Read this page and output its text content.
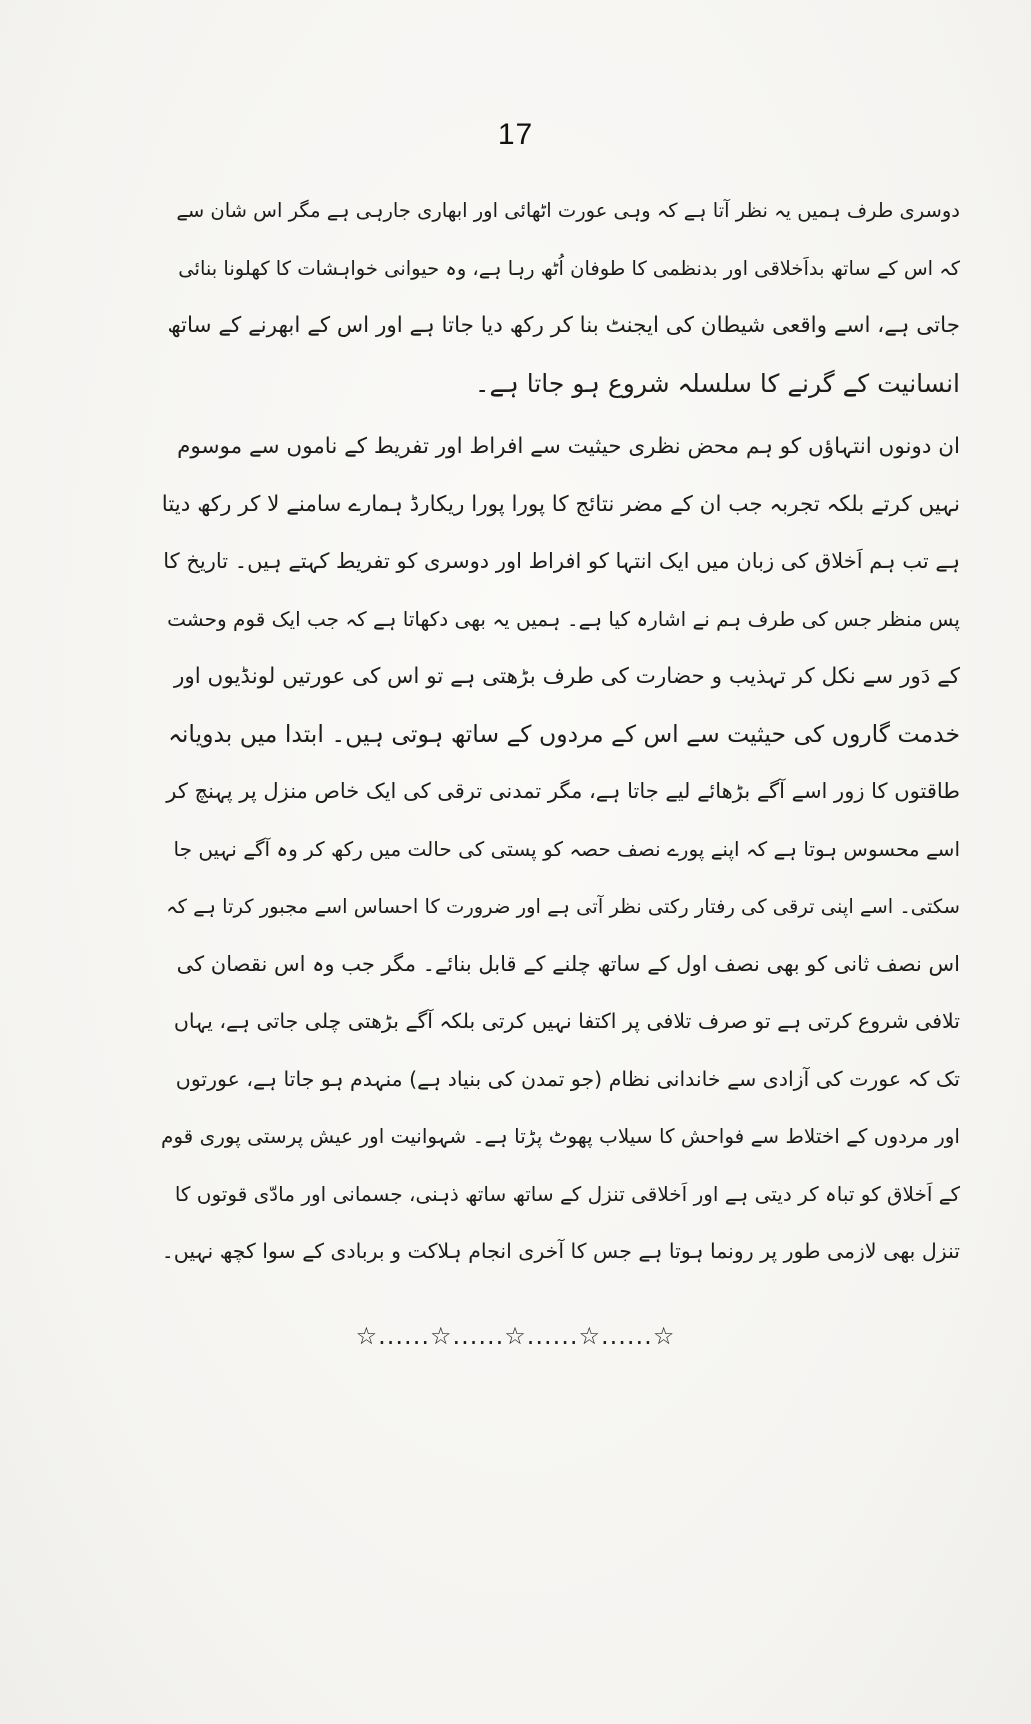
17
دوسری طرف ہمیں یہ نظر آتا ہے کہ وہی عورت اٹھائی اور ابھاری جارہی ہے مگر اس شان سے
کہ اس کے ساتھ بداَخلاقی اور بدنظمی کا طوفان اُٹھ رہا ہے، وہ حیوانی خواہشات کا کھلونا بنائی
جاتی ہے، اسے واقعی شیطان کی ایجنٹ بنا کر رکھ دیا جاتا ہے اور اس کے ابھرنے کے ساتھ
انسانیت کے گرنے کا سلسلہ شروع ہو جاتا ہے۔
ان دونوں انتہاؤں کو ہم محض نظری حیثیت سے افراط اور تفریط کے ناموں سے موسوم
نہیں کرتے بلکہ تجربہ جب ان کے مضر نتائج کا پورا پورا ریکارڈ ہمارے سامنے لا کر رکھ دیتا
ہے تب ہم اَخلاق کی زبان میں ایک انتہا کو افراط اور دوسری کو تفریط کہتے ہیں۔ تاریخ کا
پس منظر جس کی طرف ہم نے اشارہ کیا ہے۔ ہمیں یہ بھی دکھاتا ہے کہ جب ایک قوم وحشت
کے دَور سے نکل کر تہذیب و حضارت کی طرف بڑھتی ہے تو اس کی عورتیں لونڈیوں اور
خدمت گاروں کی حیثیت سے اس کے مردوں کے ساتھ ہوتی ہیں۔ ابتدا میں بدویانہ
طاقتوں کا زور اسے آگے بڑھائے لیے جاتا ہے، مگر تمدنی ترقی کی ایک خاص منزل پر پہنچ کر
اسے محسوس ہوتا ہے کہ اپنے پورے نصف حصہ کو پستی کی حالت میں رکھ کر وہ آگے نہیں جا
سکتی۔ اسے اپنی ترقی کی رفتار رکتی نظر آتی ہے اور ضرورت کا احساس اسے مجبور کرتا ہے کہ
اس نصف ثانی کو بھی نصف اول کے ساتھ چلنے کے قابل بنائے۔ مگر جب وہ اس نقصان کی
تلافی شروع کرتی ہے تو صرف تلافی پر اکتفا نہیں کرتی بلکہ آگے بڑھتی چلی جاتی ہے، یہاں
تک کہ عورت کی آزادی سے خاندانی نظام (جو تمدن کی بنیاد ہے) منہدم ہو جاتا ہے، عورتوں
اور مردوں کے اختلاط سے فواحش کا سیلاب پھوٹ پڑتا ہے۔ شہوانیت اور عیش پرستی پوری قوم
کے اَخلاق کو تباہ کر دیتی ہے اور اَخلاقی تنزل کے ساتھ ساتھ ذہنی، جسمانی اور مادّی قوتوں کا
تنزل بھی لازمی طور پر رونما ہوتا ہے جس کا آخری انجام ہلاکت و بربادی کے سوا کچھ نہیں۔
☆......☆......☆......☆......☆
